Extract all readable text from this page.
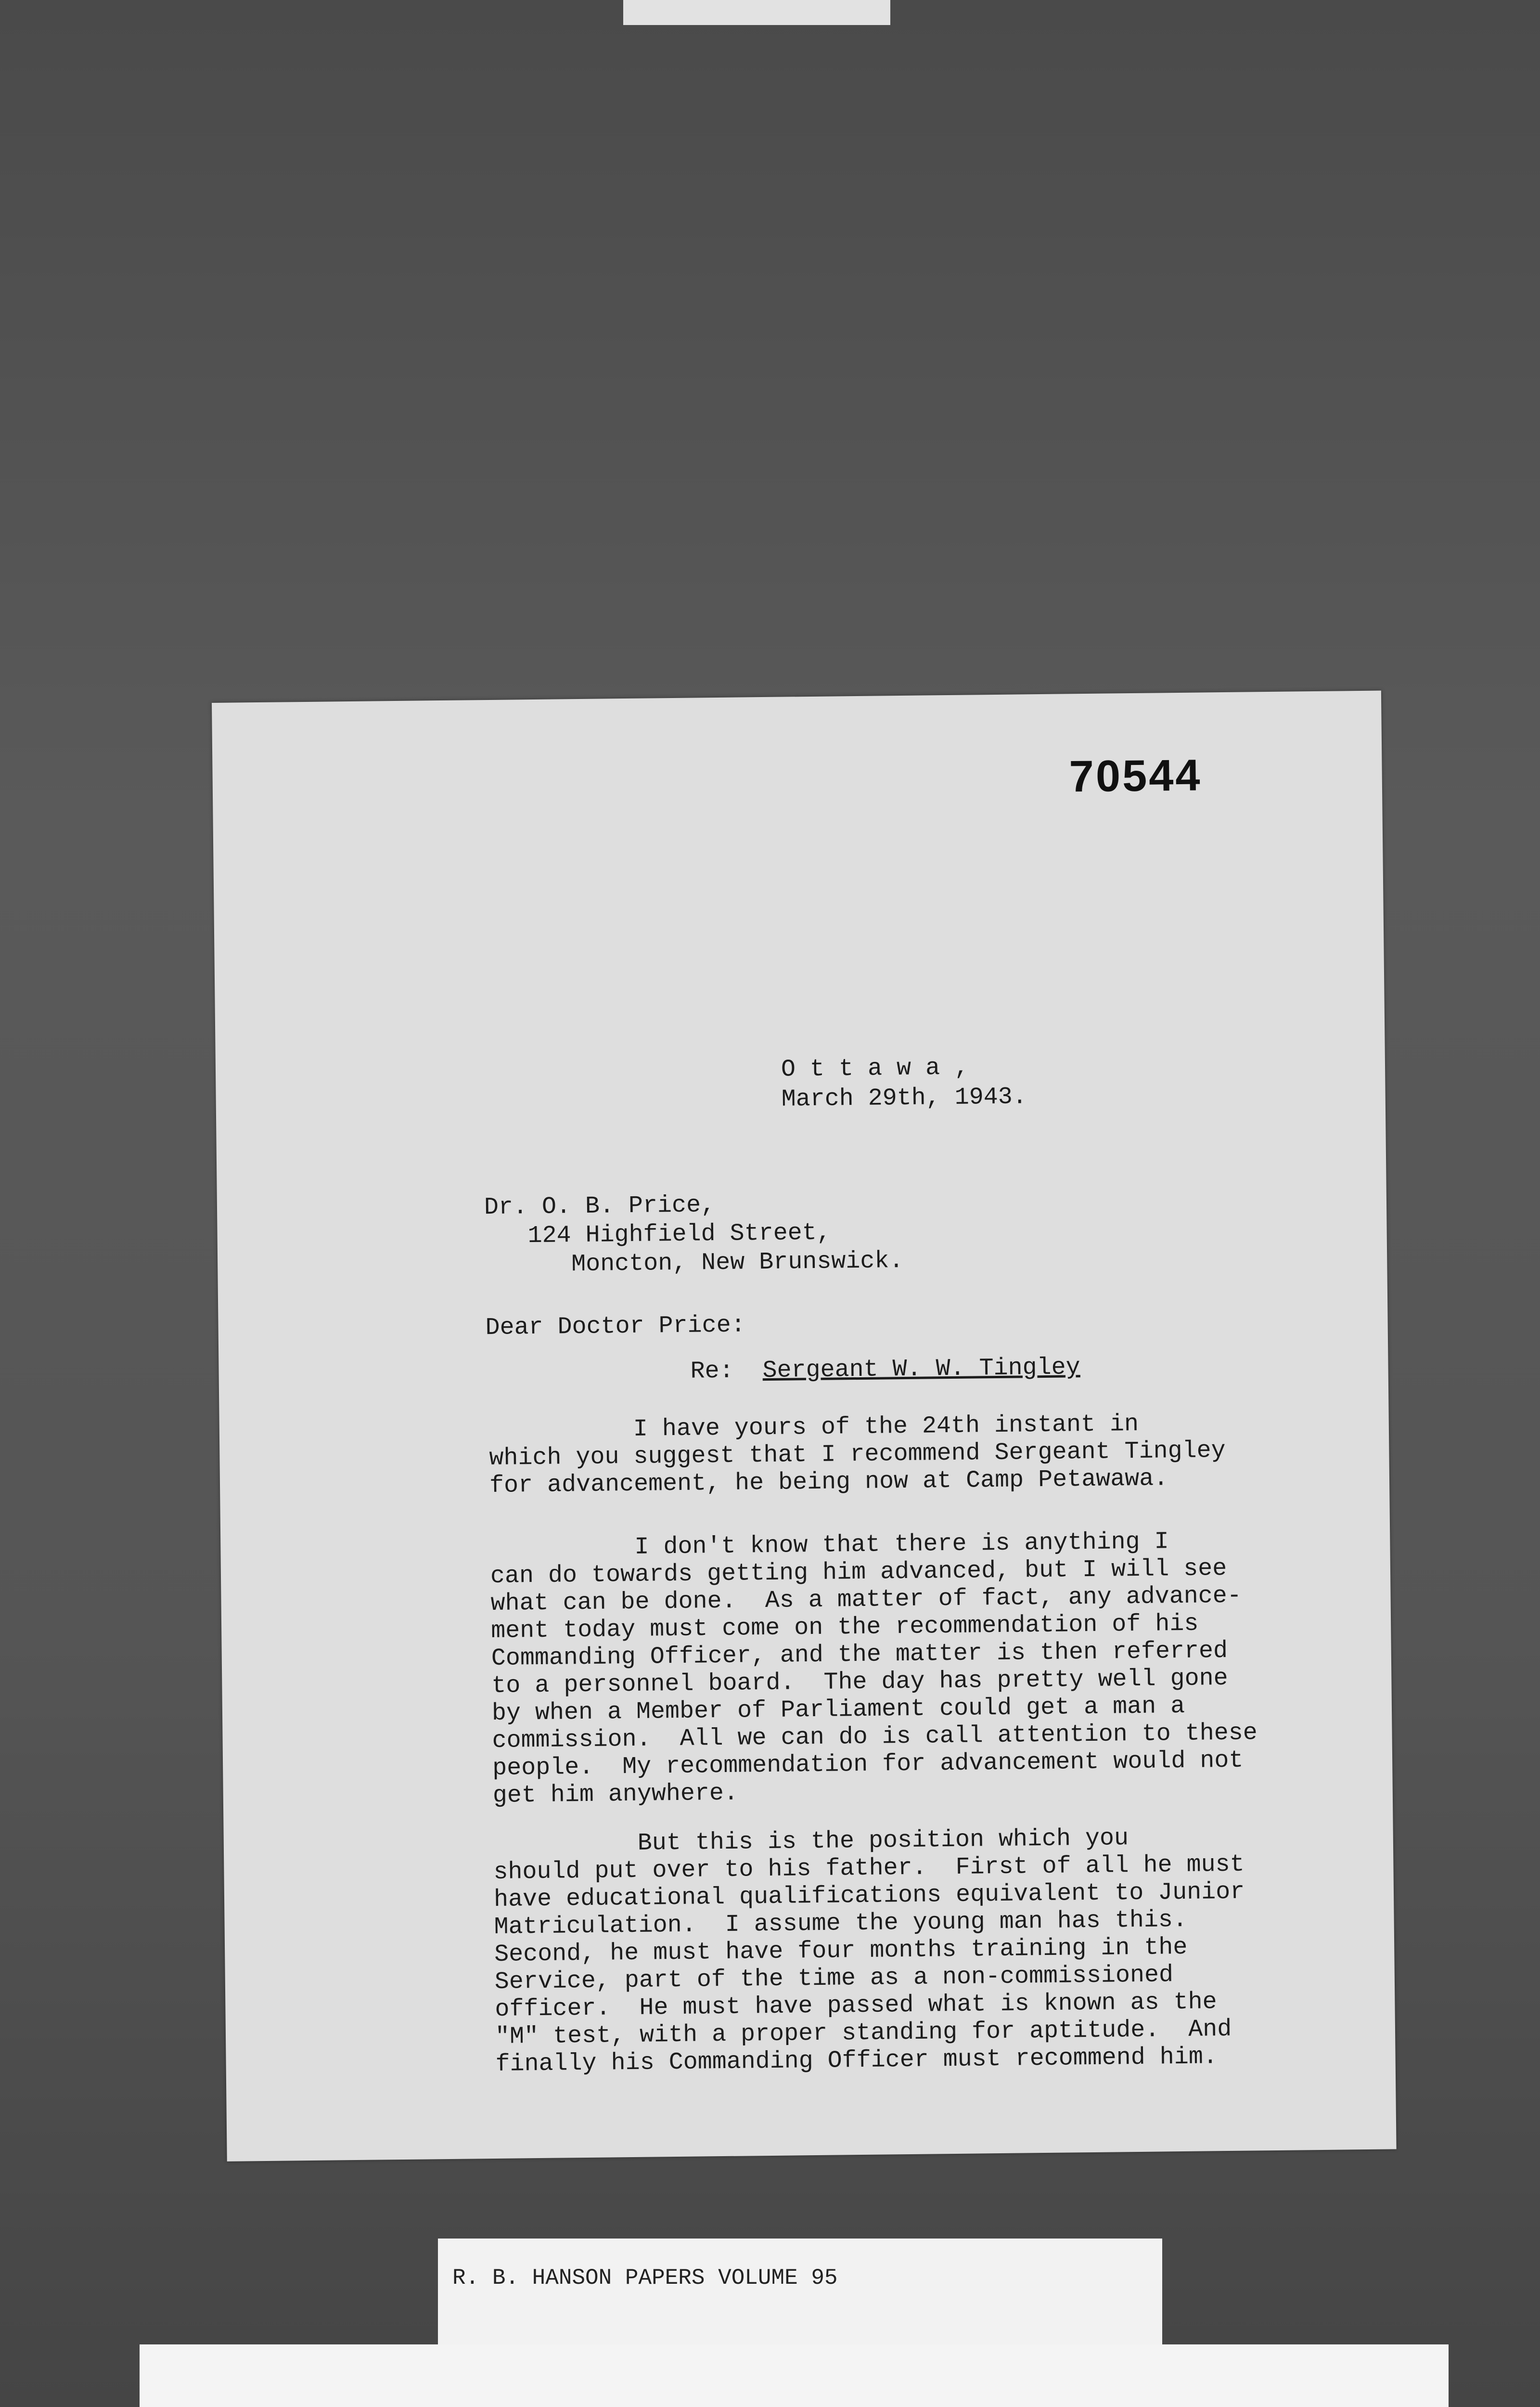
70544
O t t a w a ,
March 29th, 1943.
Dr. O. B. Price,
124 Highfield Street,
Moncton, New Brunswick.
Dear Doctor Price:
Re: Sergeant W. W. Tingley
I have yours of the 24th instant in
which you suggest that I recommend Sergeant Tingley
for advancement, he being now at Camp Petawawa.
I don't know that there is anything I
can do towards getting him advanced, but I will see
what can be done.  As a matter of fact, any advance-
ment today must come on the recommendation of his
Commanding Officer, and the matter is then referred
to a personnel board.  The day has pretty well gone
by when a Member of Parliament could get a man a
commission.  All we can do is call attention to these
people.  My recommendation for advancement would not
get him anywhere.
But this is the position which you
should put over to his father.  First of all he must
have educational qualifications equivalent to Junior
Matriculation.  I assume the young man has this.
Second, he must have four months training in the
Service, part of the time as a non-commissioned
officer.  He must have passed what is known as the
"M" test, with a proper standing for aptitude.  And
finally his Commanding Officer must recommend him.
R. B. HANSON PAPERS VOLUME 95
